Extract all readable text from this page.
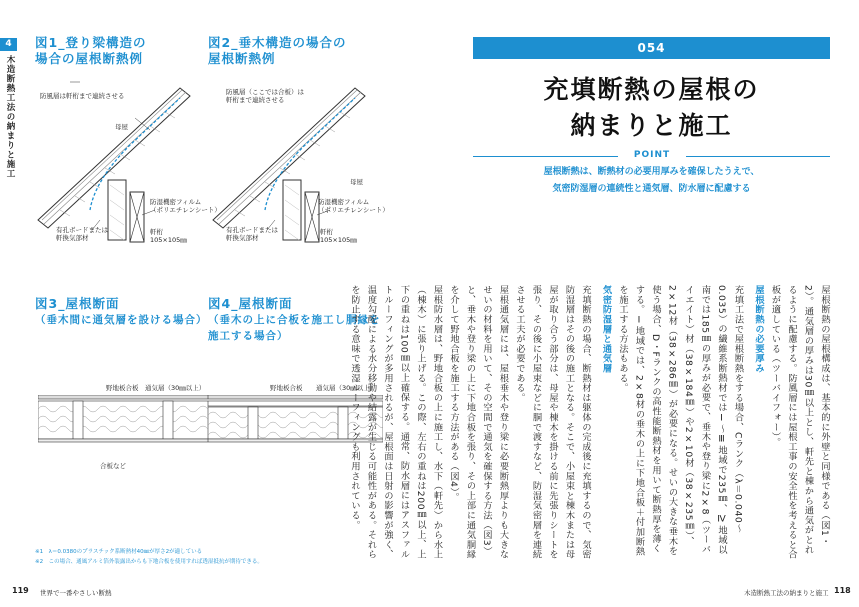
4
木造断熱工法の納まりと施工
図1_登り梁構造の
場合の屋根断熱例
防風層は軒桁まで連続させる
母屋
防湿機密フィルム
（ポリエチレンシート）
有孔ボードまたは
軒換気部材
軒桁
105×105㎜
図2_垂木構造の場合の
屋根断熱例
防風層（ここでは合板）は
軒桁まで連続させる
母屋
防湿機密フィルム
（ポリエチレンシート）
有孔ボードまたは
軒換気部材
軒桁
105×105㎜
図3_屋根断面
（垂木間に通気層を設ける場合）
野地板合板 通気層（30㎜以上）
合板など
図4_屋根断面
（垂木の上に合板を施工し胴縁を
施工する場合）
野地板合板 通気層（30㎜以上）
※1　λ＝0.0380のプラスチック系断熱材40㎜が厚さ2が適している
※2　この場合、通風アルミ箔外装露出からも下地合板を使用すれば透湿抵抗が期待できる。
119 世界で一番やさしい断熱
054
充填断熱の屋根の
納まりと施工
POINT
屋根断熱は、断熱材の必要用厚みを確保したうえで、
気密防湿層の連続性と通気層、防水層に配慮する

屋根断熱の屋根構成は、基本的に外壁と同様である（図1・2）。通気層の厚みは30㎜以上とし、軒先と棟から通気がとれるように配慮する。防風層には屋根工事の安全性を考えると合板が適している（ツーバイフォー）。

屋根断熱の必要厚み

充填工法で屋根断熱をする場合、Cランク（λ＝0.040〜0.035）の繊維系断熱材ではⅠ〜Ⅲ地域で235㎜、Ⅳ地域以南では185㎜の厚みが必要で、垂木や登り梁に2×8（ツーバイエイト）材（38×184㎜）や2×10材（38×235㎜）、2×12材（38×286㎜）が必要になる。せいの大きな垂木を使う場合、D・Fランクの高性能断熱材を用いて断熱厚を薄くする。Ⅰ地域では、2×8材の垂木の上に下地合板＋付加断熱を施工する方法もある。

気密防湿層と通気層

充填断熱の場合、断熱材は躯体の完成後に充填するので、気密防湿層はその後の施工となる。そこで、小屋束と棟木または母屋が取り合う部分は、母屋や棟木を掛ける前に先張りシートを張り、その後に小屋束などに胴で渡すなど、防湿気密層を連続させる工夫が必要である。

屋根通気層には、屋根垂木や登り梁に必要断熱厚よりも大きなせいの材料を用いて、その空間で通気を確保する方法（図3）と、垂木や登り梁の上に下地合板を張り、その上部に通気胴縁を介して野地合板を施工する方法がある（図4）。

屋根防水層は、野地合板の上に施工し、水下（軒先）から水上（棟木）に張り上げる。この際、左右の重ねは200㎜以上、上下の重ねは100㎜以上確保する。通常、防水層にはアスファルトルーフィングが多用されるが、屋根面は日射の影響が強く、温度勾配による水分移動や結露が生じる可能性がある。それらを防止する意味で透湿ルーフィングも利用されている。

木造断熱工法の納まりと施工 118
